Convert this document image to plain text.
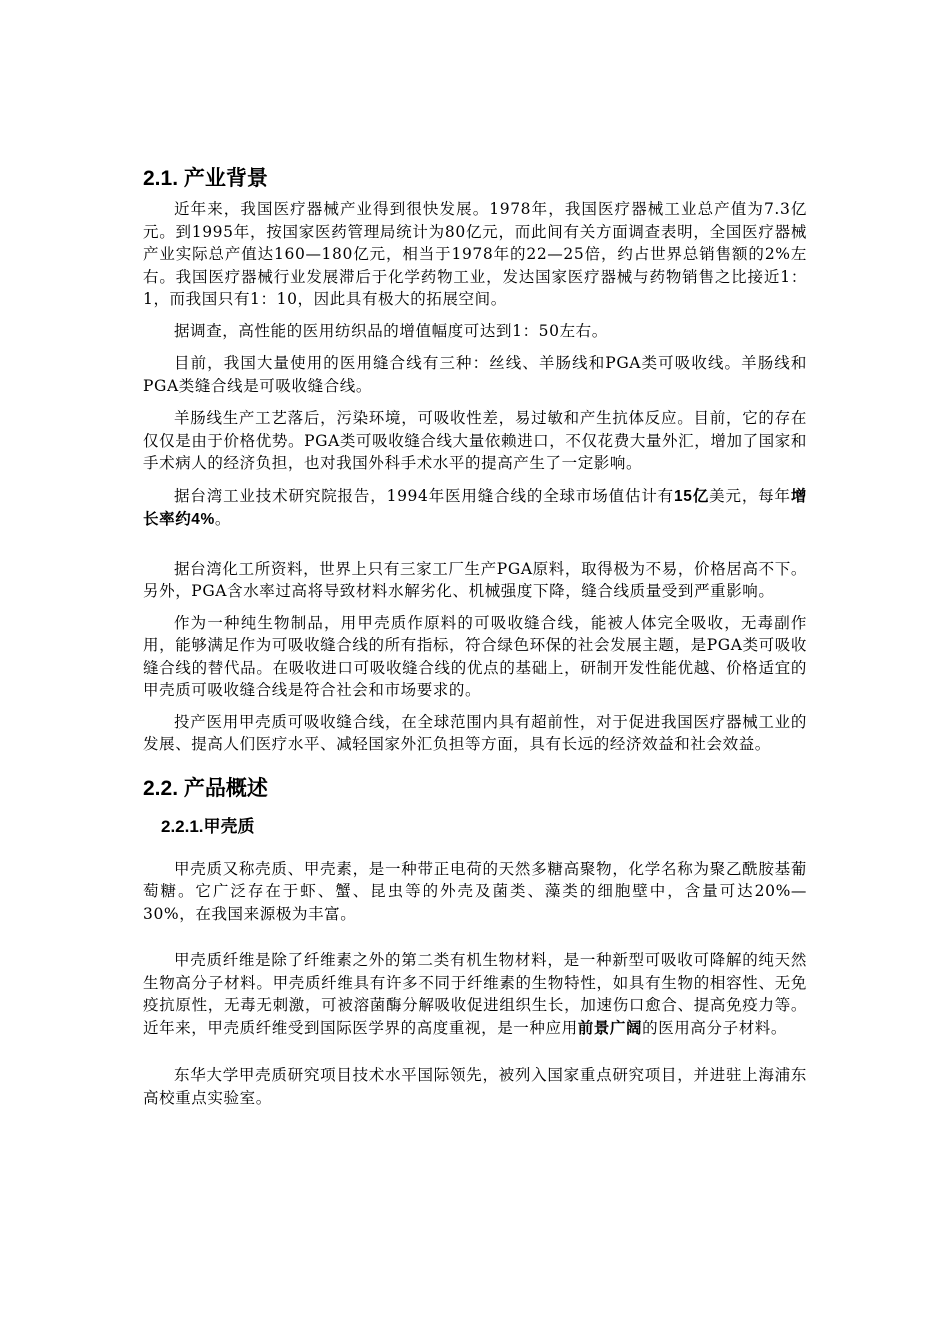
2.1. 产业背景

近年来，我国医疗器械产业得到很快发展。1978年，我国医疗器械工业总产值为7.3亿元。到1995年，按国家医药管理局统计为80亿元，而此间有关方面调查表明，全国医疗器械产业实际总产值达160—180亿元，相当于1978年的22—25倍，约占世界总销售额的2%左右。我国医疗器械行业发展滞后于化学药物工业，发达国家医疗器械与药物销售之比接近1：1，而我国只有1：10，因此具有极大的拓展空间。

据调查，高性能的医用纺织品的增值幅度可达到1：50左右。

目前，我国大量使用的医用缝合线有三种：丝线、羊肠线和PGA类可吸收线。羊肠线和PGA类缝合线是可吸收缝合线。

羊肠线生产工艺落后，污染环境，可吸收性差，易过敏和产生抗体反应。目前，它的存在仅仅是由于价格优势。PGA类可吸收缝合线大量依赖进口，不仅花费大量外汇，增加了国家和手术病人的经济负担，也对我国外科手术水平的提高产生了一定影响。

据台湾工业技术研究院报告，1994年医用缝合线的全球市场值估计有15亿美元，每年增长率约4%。

据台湾化工所资料，世界上只有三家工厂生产PGA原料，取得极为不易，价格居高不下。另外，PGA含水率过高将导致材料水解劣化、机械强度下降，缝合线质量受到严重影响。

作为一种纯生物制品，用甲壳质作原料的可吸收缝合线，能被人体完全吸收，无毒副作用，能够满足作为可吸收缝合线的所有指标，符合绿色环保的社会发展主题，是PGA类可吸收缝合线的替代品。在吸收进口可吸收缝合线的优点的基础上，研制开发性能优越、价格适宜的甲壳质可吸收缝合线是符合社会和市场要求的。

投产医用甲壳质可吸收缝合线，在全球范围内具有超前性，对于促进我国医疗器械工业的发展、提高人们医疗水平、减轻国家外汇负担等方面，具有长远的经济效益和社会效益。

2.2. 产品概述
2.2.1.甲壳质

甲壳质又称壳质、甲壳素，是一种带正电荷的天然多糖高聚物，化学名称为聚乙酰胺基葡萄糖。它广泛存在于虾、蟹、昆虫等的外壳及菌类、藻类的细胞壁中，含量可达20%—30%，在我国来源极为丰富。

甲壳质纤维是除了纤维素之外的第二类有机生物材料，是一种新型可吸收可降解的纯天然生物高分子材料。甲壳质纤维具有许多不同于纤维素的生物特性，如具有生物的相容性、无免疫抗原性，无毒无刺激，可被溶菌酶分解吸收促进组织生长，加速伤口愈合、提高免疫力等。近年来，甲壳质纤维受到国际医学界的高度重视，是一种应用前景广阔的医用高分子材料。

东华大学甲壳质研究项目技术水平国际领先，被列入国家重点研究项目，并进驻上海浦东高校重点实验室。
